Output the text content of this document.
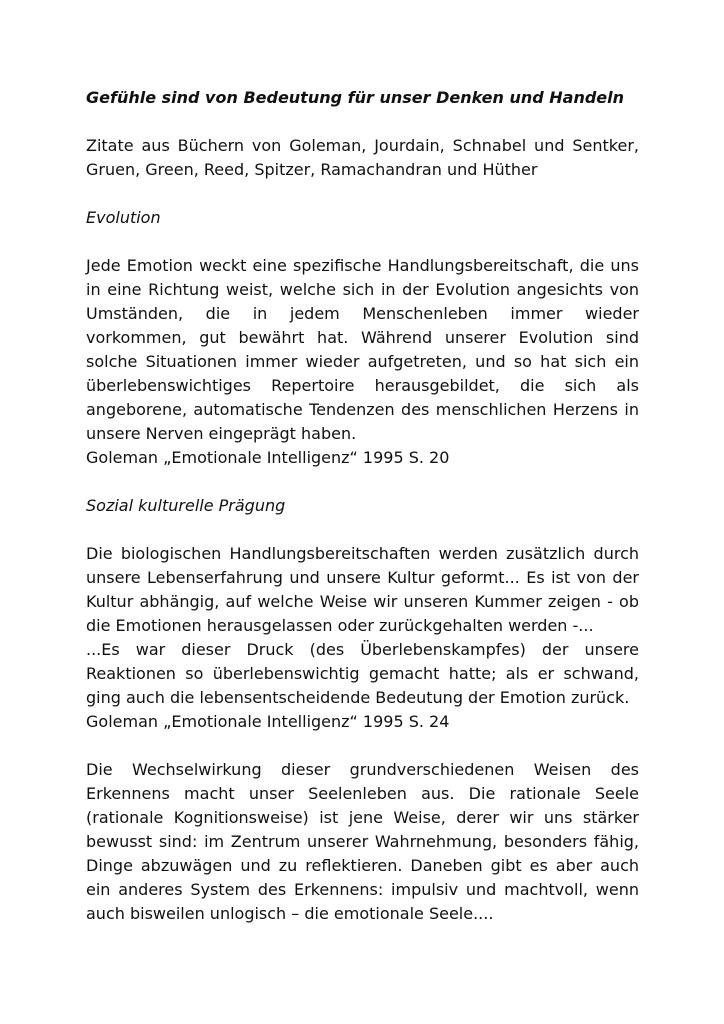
Gefühle sind von Bedeutung für unser Denken und Handeln

Zitate aus Büchern von Goleman, Jourdain, Schnabel und Sentker, Gruen, Green, Reed, Spitzer, Ramachandran und Hüther

Evolution

Jede Emotion weckt eine spezifische Handlungsbereitschaft, die uns in eine Richtung weist, welche sich in der Evolution angesichts von Umständen, die in jedem Menschenleben immer wieder vorkommen, gut bewährt hat. Während unserer Evolution sind solche Situationen immer wieder aufgetreten, und so hat sich ein überlebenswichtiges Repertoire herausgebildet, die sich als angeborene, automatische Tendenzen des menschlichen Herzens in unsere Nerven eingeprägt haben.

Goleman „Emotionale Intelligenz“ 1995 S. 20

Sozial kulturelle Prägung

Die biologischen Handlungsbereitschaften werden zusätzlich durch unsere Lebenserfahrung und unsere Kultur geformt... Es ist von der Kultur abhängig, auf welche Weise wir unseren Kummer zeigen - ob die Emotionen herausgelassen oder zurückgehalten werden -...

...Es war dieser Druck (des Überlebenskampfes) der unsere Reaktionen so überlebenswichtig gemacht hatte; als er schwand, ging auch die lebensentscheidende Bedeutung der Emotion zurück.

Goleman „Emotionale Intelligenz“ 1995 S. 24

Die Wechselwirkung dieser grundverschiedenen Weisen des Erkennens macht unser Seelenleben aus. Die rationale Seele (rationale Kognitionsweise) ist jene Weise, derer wir uns stärker bewusst sind: im Zentrum unserer Wahrnehmung, besonders fähig, Dinge abzuwägen und zu reflektieren. Daneben gibt es aber auch ein anderes System des Erkennens: impulsiv und machtvoll, wenn auch bisweilen unlogisch – die emotionale Seele....
